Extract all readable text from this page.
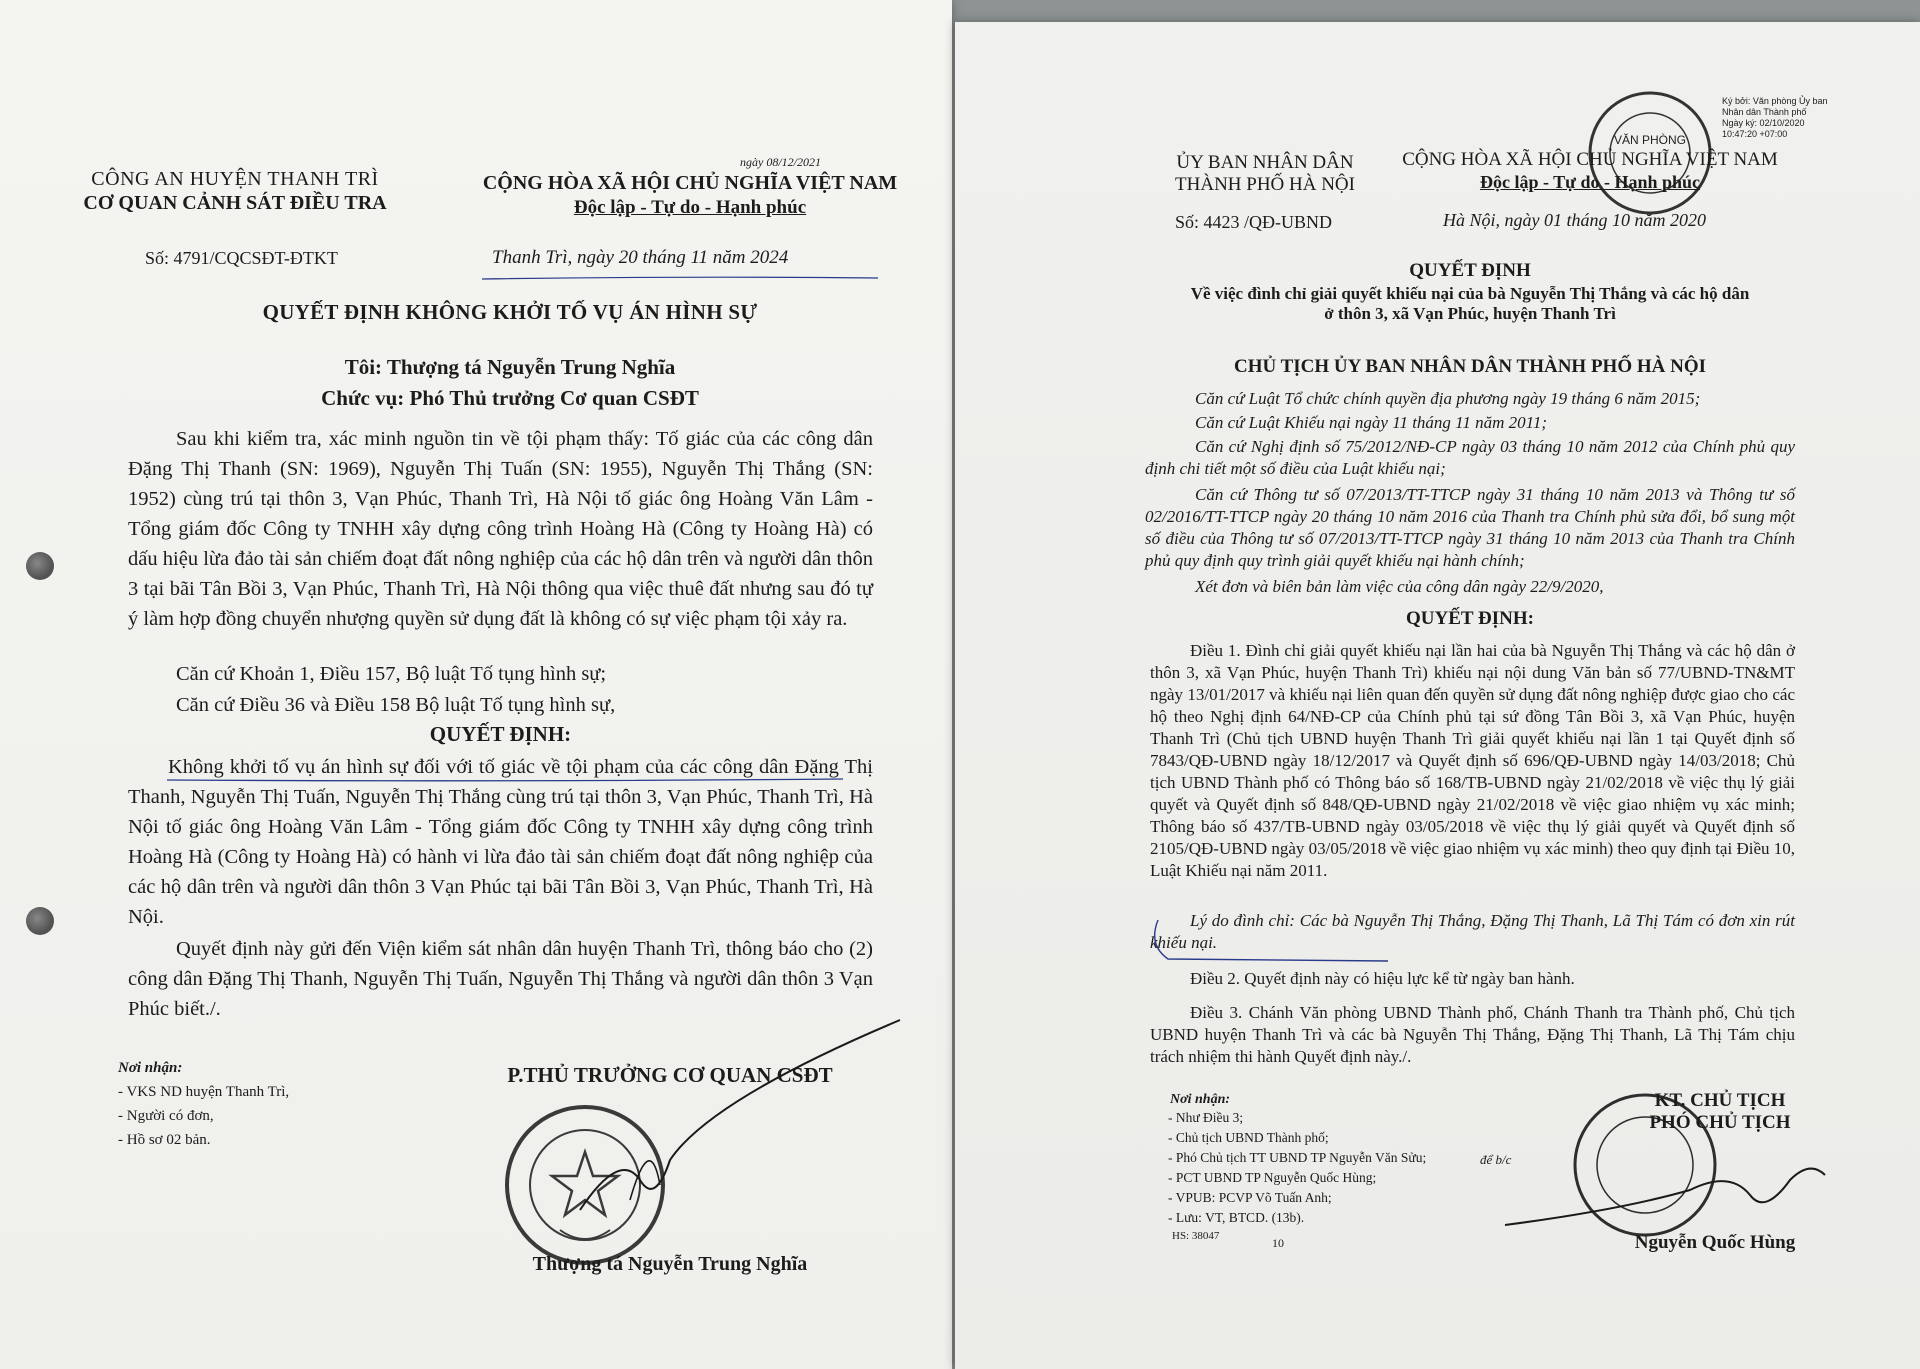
CÔNG AN HUYỆN THANH TRÌ
CƠ QUAN CẢNH SÁT ĐIỀU TRA
ngày 08/12/2021
CỘNG HÒA XÃ HỘI CHỦ NGHĨA VIỆT NAM
Độc lập - Tự do - Hạnh phúc
Số: 4791/CQCSĐT-ĐTKT	Thanh Trì, ngày 20 tháng 11 năm 2024
QUYẾT ĐỊNH KHÔNG KHỞI TỐ VỤ ÁN HÌNH SỰ
Tôi: Thượng tá Nguyễn Trung Nghĩa
Chức vụ: Phó Thủ trưởng Cơ quan CSĐT
Sau khi kiểm tra, xác minh nguồn tin về tội phạm thấy: Tố giác của các công dân Đặng Thị Thanh (SN: 1969), Nguyễn Thị Tuấn (SN: 1955), Nguyễn Thị Thắng (SN: 1952) cùng trú tại thôn 3, Vạn Phúc, Thanh Trì, Hà Nội tố giác ông Hoàng Văn Lâm - Tổng giám đốc Công ty TNHH xây dựng công trình Hoàng Hà (Công ty Hoàng Hà) có dấu hiệu lừa đảo tài sản chiếm đoạt đất nông nghiệp của các hộ dân trên và người dân thôn 3 tại bãi Tân Bồi 3, Vạn Phúc, Thanh Trì, Hà Nội thông qua việc thuê đất nhưng sau đó tự ý làm hợp đồng chuyển nhượng quyền sử dụng đất là không có sự việc phạm tội xảy ra.
Căn cứ Khoản 1, Điều 157, Bộ luật Tố tụng hình sự;
Căn cứ Điều 36 và Điều 158 Bộ luật Tố tụng hình sự,
QUYẾT ĐỊNH:
Không khởi tố vụ án hình sự đối với tố giác về tội phạm của các công dân Đặng Thị Thanh, Nguyễn Thị Tuấn, Nguyễn Thị Thắng cùng trú tại thôn 3, Vạn Phúc, Thanh Trì, Hà Nội tố giác ông Hoàng Văn Lâm - Tổng giám đốc Công ty TNHH xây dựng công trình Hoàng Hà (Công ty Hoàng Hà) có hành vi lừa đảo tài sản chiếm đoạt đất nông nghiệp của các hộ dân trên và người dân thôn 3 Vạn Phúc tại bãi Tân Bồi 3, Vạn Phúc, Thanh Trì, Hà Nội.
Quyết định này gửi đến Viện kiểm sát nhân dân huyện Thanh Trì, thông báo cho (2) công dân Đặng Thị Thanh, Nguyễn Thị Tuấn, Nguyễn Thị Thắng và người dân thôn 3 Vạn Phúc biết./.
Nơi nhận:
- VKS ND huyện Thanh Trì,
- Người có đơn,
- Hồ sơ 02 bản.
P.THỦ TRƯỞNG CƠ QUAN CSĐT
Thượng tá Nguyễn Trung Nghĩa
VĂN PHÒNG
Ký bởi: Văn phòng Ủy ban
Nhân dân Thành phố
Ngày ký: 02/10/2020
10:47:20 +07:00
ỦY BAN NHÂN DÂN
THÀNH PHỐ HÀ NỘI
Số: 4423 /QĐ-UBND
CỘNG HÒA XÃ HỘI CHỦ NGHĨA VIỆT NAM
Độc lập - Tự do - Hạnh phúc
Hà Nội, ngày 01 tháng 10 năm 2020
QUYẾT ĐỊNH
Về việc đình chỉ giải quyết khiếu nại của bà Nguyễn Thị Thắng và các hộ dân
ở thôn 3, xã Vạn Phúc, huyện Thanh Trì
CHỦ TỊCH ỦY BAN NHÂN DÂN THÀNH PHỐ HÀ NỘI
Căn cứ Luật Tổ chức chính quyền địa phương ngày 19 tháng 6 năm 2015;
Căn cứ Luật Khiếu nại ngày 11 tháng 11 năm 2011;
Căn cứ Nghị định số 75/2012/NĐ-CP ngày 03 tháng 10 năm 2012 của Chính phủ quy định chi tiết một số điều của Luật khiếu nại;
Căn cứ Thông tư số 07/2013/TT-TTCP ngày 31 tháng 10 năm 2013 và Thông tư số 02/2016/TT-TTCP ngày 20 tháng 10 năm 2016 của Thanh tra Chính phủ sửa đổi, bổ sung một số điều của Thông tư số 07/2013/TT-TTCP ngày 31 tháng 10 năm 2013 của Thanh tra Chính phủ quy định quy trình giải quyết khiếu nại hành chính;
Xét đơn và biên bản làm việc của công dân ngày 22/9/2020,
QUYẾT ĐỊNH:
Điều 1. Đình chỉ giải quyết khiếu nại lần hai của bà Nguyễn Thị Thắng và các hộ dân ở thôn 3, xã Vạn Phúc, huyện Thanh Trì) khiếu nại nội dung Văn bản số 77/UBND-TN&MT ngày 13/01/2017 và khiếu nại liên quan đến quyền sử dụng đất nông nghiệp được giao cho các hộ theo Nghị định 64/NĐ-CP của Chính phủ tại sứ đồng Tân Bồi 3, xã Vạn Phúc, huyện Thanh Trì (Chủ tịch UBND huyện Thanh Trì giải quyết khiếu nại lần 1 tại Quyết định số 7843/QĐ-UBND ngày 18/12/2017 và Quyết định số 696/QĐ-UBND ngày 14/03/2018; Chủ tịch UBND Thành phố có Thông báo số 168/TB-UBND ngày 21/02/2018 về việc thụ lý giải quyết và Quyết định số 848/QĐ-UBND ngày 21/02/2018 về việc giao nhiệm vụ xác minh; Thông báo số 437/TB-UBND ngày 03/05/2018 về việc thụ lý giải quyết và Quyết định số 2105/QĐ-UBND ngày 03/05/2018 về việc giao nhiệm vụ xác minh) theo quy định tại Điều 10, Luật Khiếu nại năm 2011.
Lý do đình chỉ: Các bà Nguyễn Thị Thắng, Đặng Thị Thanh, Lã Thị Tám có đơn xin rút khiếu nại.
Điều 2. Quyết định này có hiệu lực kể từ ngày ban hành.
Điều 3. Chánh Văn phòng UBND Thành phố, Chánh Thanh tra Thành phố, Chủ tịch UBND huyện Thanh Trì và các bà Nguyễn Thị Thắng, Đặng Thị Thanh, Lã Thị Tám chịu trách nhiệm thi hành Quyết định này./.
Nơi nhận:
- Như Điều 3;
- Chủ tịch UBND Thành phố;
- Phó Chủ tịch TT UBND TP Nguyễn Văn Sửu;
- PCT UBND TP Nguyễn Quốc Hùng;
- VPUB: PCVP Võ Tuấn Anh;
- Lưu: VT, BTCD. (13b).
để b/c
HS: 38047	10
KT. CHỦ TỊCH
PHÓ CHỦ TỊCH
Nguyễn Quốc Hùng
